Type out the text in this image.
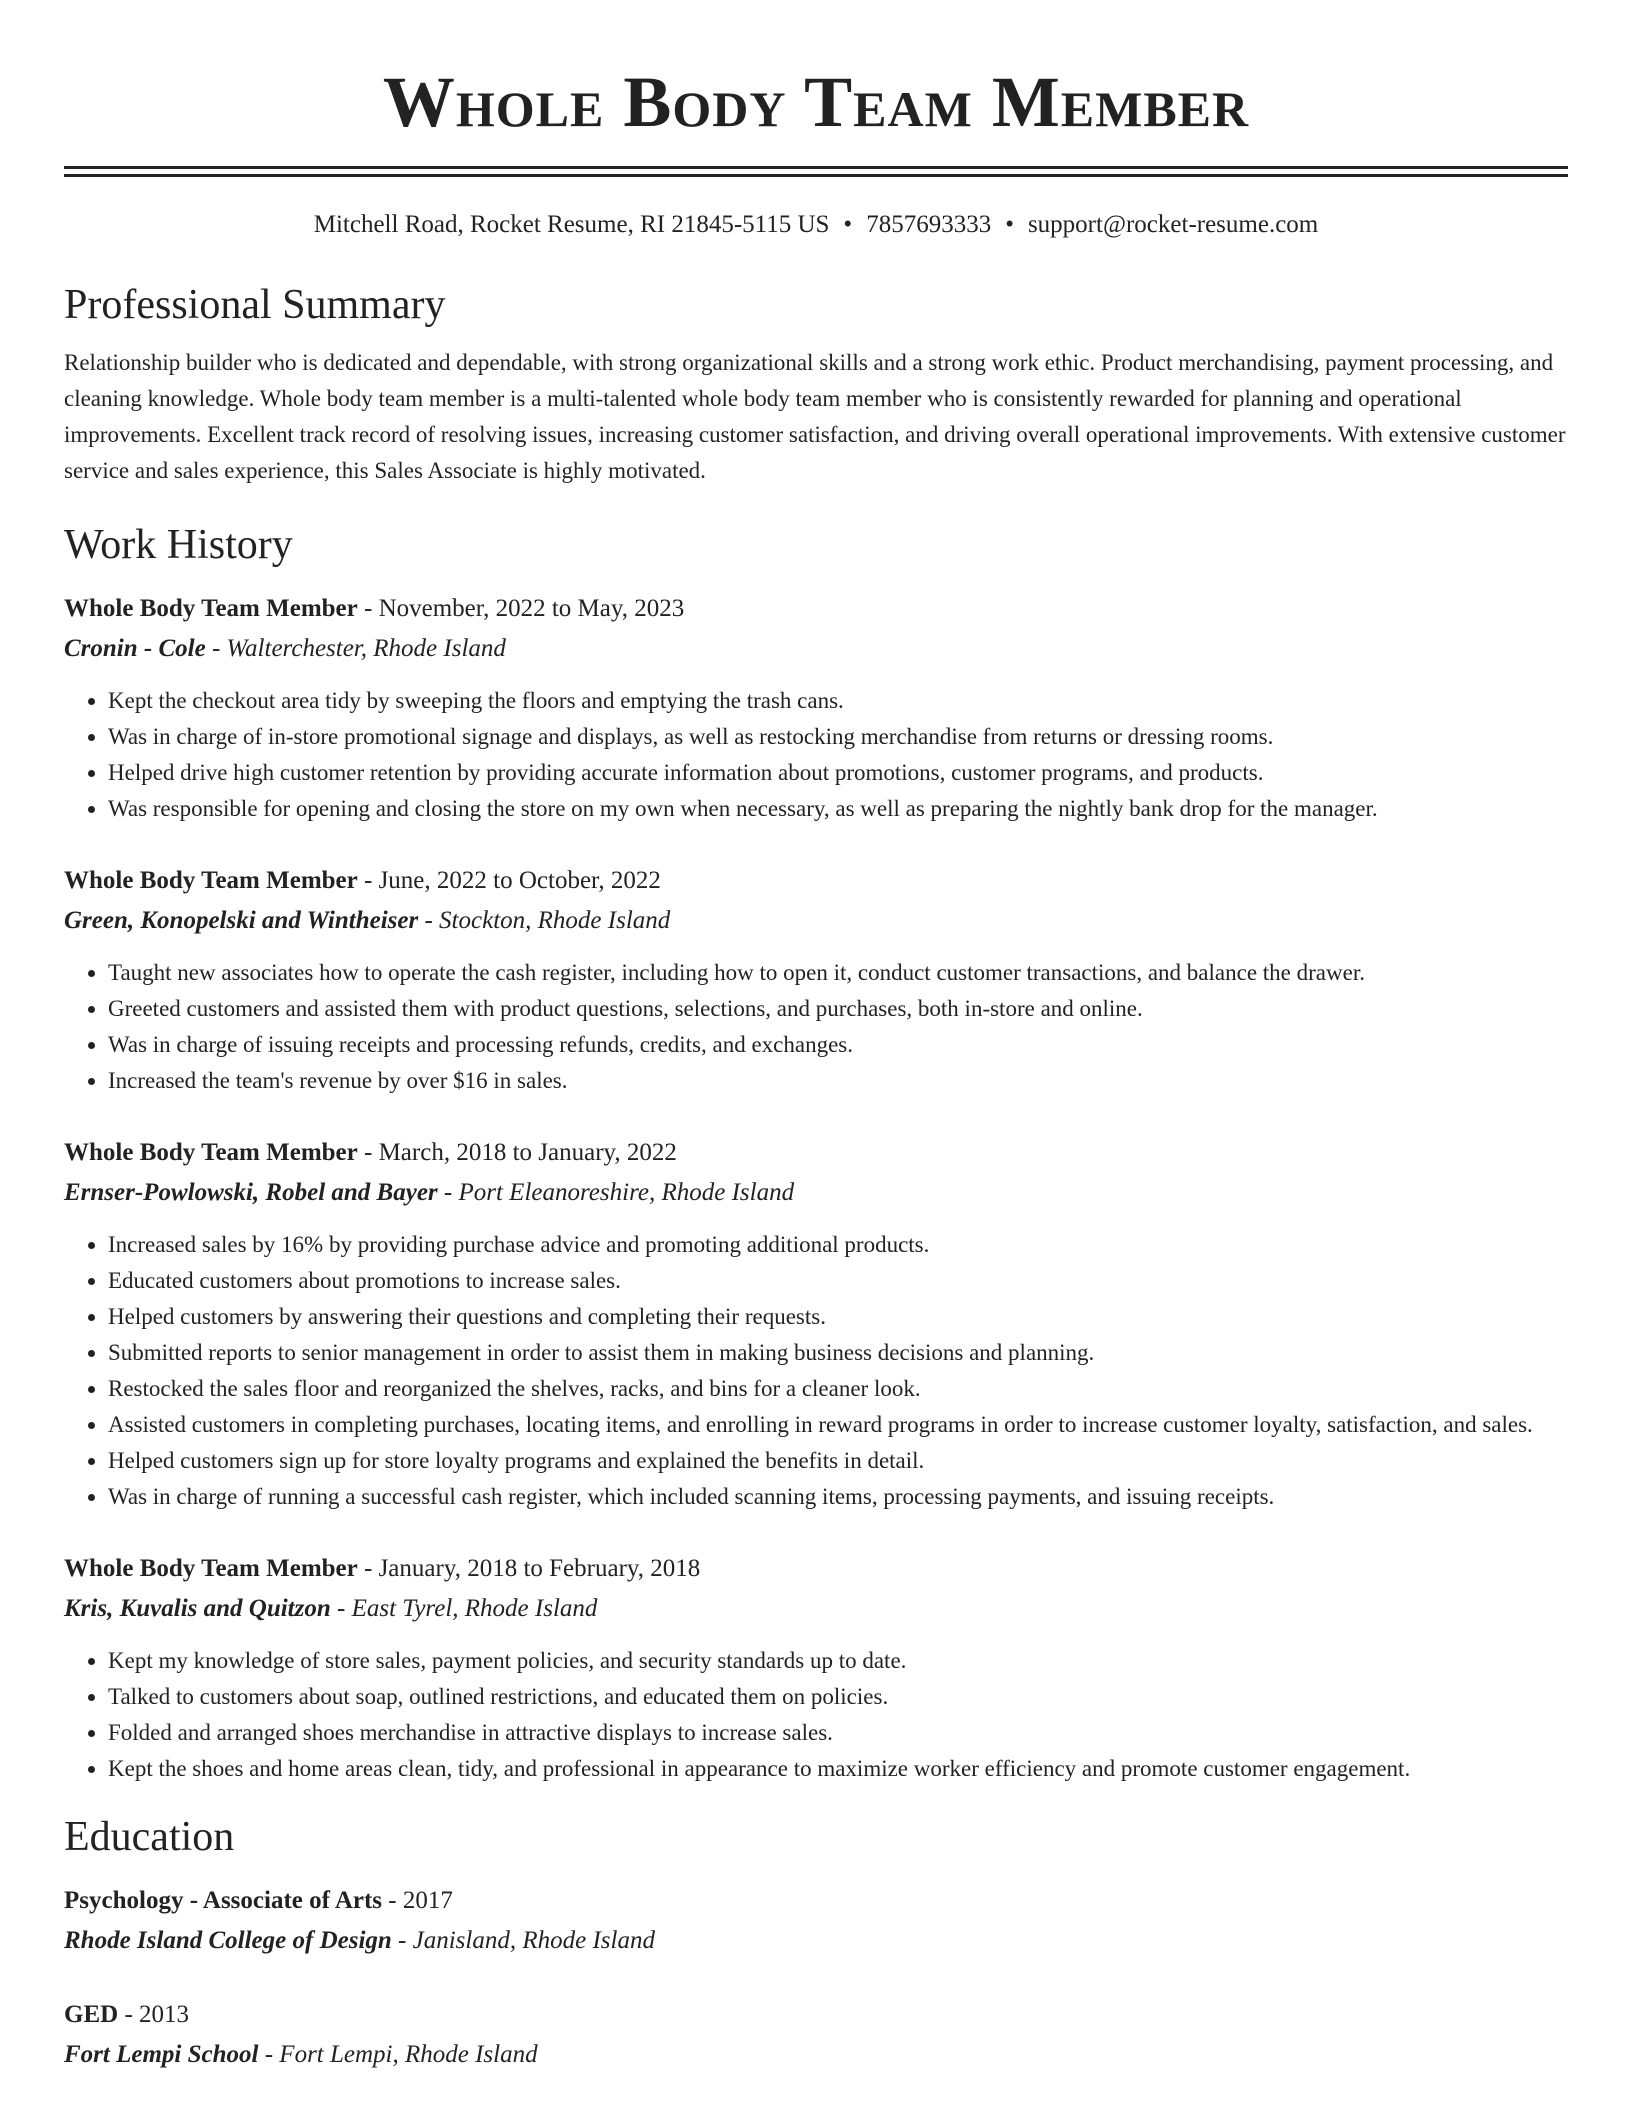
Whole Body Team Member
Mitchell Road, Rocket Resume, RI 21845-5115 US • 7857693333 • support@rocket-resume.com
Professional Summary
Relationship builder who is dedicated and dependable, with strong organizational skills and a strong work ethic. Product merchandising, payment processing, and cleaning knowledge. Whole body team member is a multi-talented whole body team member who is consistently rewarded for planning and operational improvements. Excellent track record of resolving issues, increasing customer satisfaction, and driving overall operational improvements. With extensive customer service and sales experience, this Sales Associate is highly motivated.
Work History
Whole Body Team Member - November, 2022 to May, 2023
Cronin - Cole - Walterchester, Rhode Island
• Kept the checkout area tidy by sweeping the floors and emptying the trash cans.
• Was in charge of in-store promotional signage and displays, as well as restocking merchandise from returns or dressing rooms.
• Helped drive high customer retention by providing accurate information about promotions, customer programs, and products.
• Was responsible for opening and closing the store on my own when necessary, as well as preparing the nightly bank drop for the manager.
Whole Body Team Member - June, 2022 to October, 2022
Green, Konopelski and Wintheiser - Stockton, Rhode Island
• Taught new associates how to operate the cash register, including how to open it, conduct customer transactions, and balance the drawer.
• Greeted customers and assisted them with product questions, selections, and purchases, both in-store and online.
• Was in charge of issuing receipts and processing refunds, credits, and exchanges.
• Increased the team's revenue by over $16 in sales.
Whole Body Team Member - March, 2018 to January, 2022
Ernser-Powlowski, Robel and Bayer - Port Eleanoreshire, Rhode Island
• Increased sales by 16% by providing purchase advice and promoting additional products.
• Educated customers about promotions to increase sales.
• Helped customers by answering their questions and completing their requests.
• Submitted reports to senior management in order to assist them in making business decisions and planning.
• Restocked the sales floor and reorganized the shelves, racks, and bins for a cleaner look.
• Assisted customers in completing purchases, locating items, and enrolling in reward programs in order to increase customer loyalty, satisfaction, and sales.
• Helped customers sign up for store loyalty programs and explained the benefits in detail.
• Was in charge of running a successful cash register, which included scanning items, processing payments, and issuing receipts.
Whole Body Team Member - January, 2018 to February, 2018
Kris, Kuvalis and Quitzon - East Tyrel, Rhode Island
• Kept my knowledge of store sales, payment policies, and security standards up to date.
• Talked to customers about soap, outlined restrictions, and educated them on policies.
• Folded and arranged shoes merchandise in attractive displays to increase sales.
• Kept the shoes and home areas clean, tidy, and professional in appearance to maximize worker efficiency and promote customer engagement.
Education
Psychology - Associate of Arts - 2017
Rhode Island College of Design - Janisland, Rhode Island
GED - 2013
Fort Lempi School - Fort Lempi, Rhode Island
